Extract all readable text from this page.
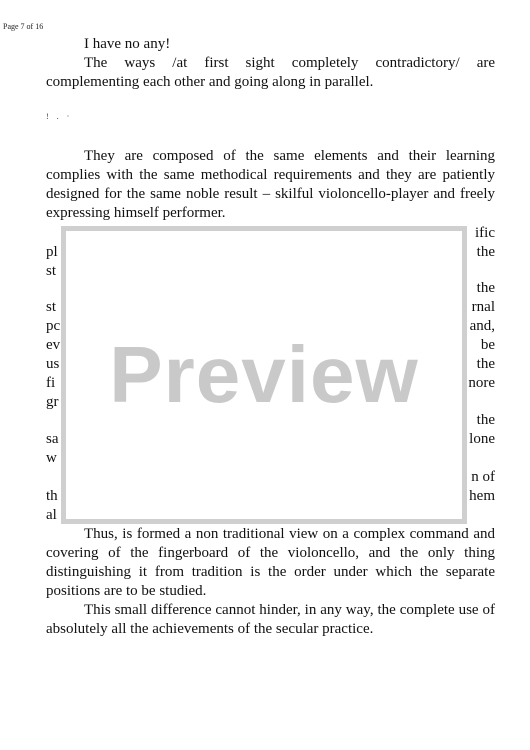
Page 7 of 16

I have no any!

The ways /at first sight completely contradictory/ are complementing each other and going along in parallel.

! . ·

They are composed of the same elements and their learning complies with the same methodical requirements and they are patiently designed for the same noble result – skilful violoncello-player and freely expressing himself performer.

pl
st
st
pc
ev
us
fi
gr
sa
w
th
al
ific
the
the
rnal
and,
be
the
nore
the
lone
n of
hem
Preview

Thus, is formed a non traditional view on a complex command and covering of the fingerboard of the violoncello, and the only thing distinguishing it from tradition is the order under which the separate positions are to be studied.

This small difference cannot hinder, in any way, the complete use of absolutely all the achievements of the secular practice.
